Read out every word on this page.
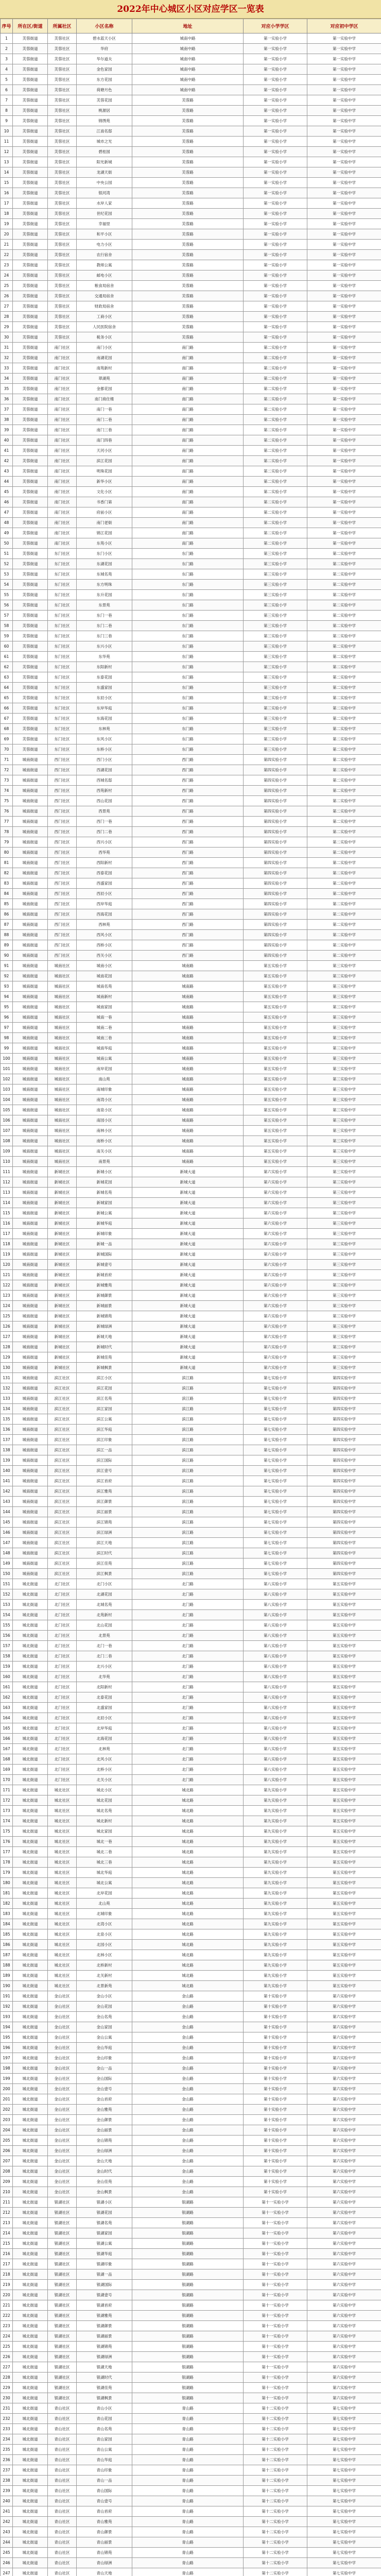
2022年中心城区小区对应学区一览表
序号	所在区/街道	所属社区	小区名称	地址	对应小学学区	对应初中学区
1	芙蓉街道	芙蓉社区	碧水蓝天小区	城南中路	第一实验小学	第一实验中学
2	芙蓉街道	芙蓉社区	华府	城南中路	第一实验小学	第一实验中学
3	芙蓉街道	芙蓉社区	华尔道夫	城南中路	第一实验小学	第一实验中学
4	芙蓉街道	芙蓉社区	金色家园	城南中路	第一实验小学	第一实验中学
5	芙蓉街道	芙蓉社区	东方花园	城南中路	第一实验小学	第一实验中学
6	芙蓉街道	芙蓉社区	荷塘月色	城南中路	第一实验小学	第一实验中学
7	芙蓉街道	芙蓉社区	芙蓉花园	芙蓉路	第一实验小学	第一实验中学
8	芙蓉街道	芙蓉社区	桃源居	芙蓉路	第一实验小学	第一实验中学
9	芙蓉街道	芙蓉社区	锦绣苑	芙蓉路	第一实验小学	第一实验中学
10	芙蓉街道	芙蓉社区	江南名邸	芙蓉路	第一实验小学	第一实验中学
11	芙蓉街道	芙蓉社区	城市之光	芙蓉路	第一实验小学	第一实验中学
12	芙蓉街道	芙蓉社区	碧桂园	芙蓉路	第一实验小学	第一实验中学
13	芙蓉街道	芙蓉社区	阳光新城	芙蓉路	第一实验小学	第一实验中学
14	芙蓉街道	芙蓉社区	龙湖天街	芙蓉路	第一实验小学	第一实验中学
15	芙蓉街道	芙蓉社区	中央公园	芙蓉路	第一实验小学	第一实验中学
16	芙蓉街道	芙蓉社区	银河湾	芙蓉路	第一实验小学	第一实验中学
17	芙蓉街道	芙蓉社区	水岸人家	芙蓉路	第一实验小学	第一实验中学
18	芙蓉街道	芙蓉社区	世纪花园	芙蓉路	第一实验小学	第一实验中学
19	芙蓉街道	芙蓉社区	幸福里	芙蓉路	第一实验小学	第一实验中学
20	芙蓉街道	芙蓉社区	和平小区	芙蓉路	第一实验小学	第一实验中学
21	芙蓉街道	芙蓉社区	电力小区	芙蓉路	第一实验小学	第一实验中学
22	芙蓉街道	芙蓉社区	农行宿舍	芙蓉路	第一实验小学	第一实验中学
23	芙蓉街道	芙蓉社区	教师公寓	芙蓉路	第一实验小学	第一实验中学
24	芙蓉街道	芙蓉社区	邮电小区	芙蓉路	第一实验小学	第一实验中学
25	芙蓉街道	芙蓉社区	粮食局宿舍	芙蓉路	第一实验小学	第一实验中学
26	芙蓉街道	芙蓉社区	交通局宿舍	芙蓉路	第一实验小学	第一实验中学
27	芙蓉街道	芙蓉社区	财政局宿舍	芙蓉路	第一实验小学	第一实验中学
28	芙蓉街道	芙蓉社区	工商小区	芙蓉路	第一实验小学	第一实验中学
29	芙蓉街道	芙蓉社区	人民医院宿舍	芙蓉路	第一实验小学	第一实验中学
30	芙蓉街道	芙蓉社区	税务小区	芙蓉路	第一实验小学	第一实验中学
31	芙蓉街道	南门社区	南门小区	南门路	第二实验小学	第一实验中学
32	芙蓉街道	南门社区	南湖花园	南门路	第二实验小学	第一实验中学
33	芙蓉街道	南门社区	南苑新村	南门路	第二实验小学	第一实验中学
34	芙蓉街道	南门社区	翠湖苑	南门路	第二实验小学	第一实验中学
35	芙蓉街道	南门社区	金都花园	南门路	第二实验小学	第一实验中学
36	芙蓉街道	南门社区	南门商住楼	南门路	第二实验小学	第一实验中学
37	芙蓉街道	南门社区	南门一巷	南门路	第二实验小学	第一实验中学
38	芙蓉街道	南门社区	南门二巷	南门路	第二实验小学	第一实验中学
39	芙蓉街道	南门社区	南门三巷	南门路	第二实验小学	第一实验中学
40	芙蓉街道	南门社区	南门四巷	南门路	第二实验小学	第一实验中学
41	芙蓉街道	南门社区	天河小区	南门路	第二实验小学	第一实验中学
42	芙蓉街道	南门社区	滨江花园	南门路	第二实验小学	第一实验中学
43	芙蓉街道	南门社区	明珠花园	南门路	第二实验小学	第一实验中学
44	芙蓉街道	南门社区	新华小区	南门路	第二实验小学	第一实验中学
45	芙蓉街道	南门社区	文化小区	南门路	第二实验小学	第一实验中学
46	芙蓉街道	南门社区	书香门第	南门路	第二实验小学	第一实验中学
47	芙蓉街道	南门社区	府前小区	南门路	第二实验小学	第一实验中学
48	芙蓉街道	南门社区	南门老街	南门路	第二实验小学	第一实验中学
49	芙蓉街道	南门社区	锦江花园	南门路	第二实验小学	第一实验中学
50	芙蓉街道	南门社区	东苑小区	南门路	第二实验小学	第一实验中学
51	芙蓉街道	东门社区	东门小区	东门路	第三实验小学	第二实验中学
52	芙蓉街道	东门社区	东湖花园	东门路	第三实验小学	第二实验中学
53	芙蓉街道	东门社区	东城名苑	东门路	第三实验小学	第二实验中学
54	芙蓉街道	东门社区	东方明珠	东门路	第三实验小学	第二实验中学
55	芙蓉街道	东门社区	东升花园	东门路	第三实验小学	第二实验中学
56	芙蓉街道	东门社区	东景苑	东门路	第三实验小学	第二实验中学
57	芙蓉街道	东门社区	东门一巷	东门路	第三实验小学	第二实验中学
58	芙蓉街道	东门社区	东门二巷	东门路	第三实验小学	第二实验中学
59	芙蓉街道	东门社区	东门三巷	东门路	第三实验小学	第二实验中学
60	芙蓉街道	东门社区	东兴小区	东门路	第三实验小学	第二实验中学
61	芙蓉街道	东门社区	东华苑	东门路	第三实验小学	第二实验中学
62	芙蓉街道	东门社区	东阳新村	东门路	第三实验小学	第二实验中学
63	芙蓉街道	东门社区	东泰花园	东门路	第三实验小学	第二实验中学
64	芙蓉街道	东门社区	东盛家园	东门路	第三实验小学	第二实验中学
65	芙蓉街道	东门社区	东辰小区	东门路	第三实验小学	第二实验中学
66	芙蓉街道	东门社区	东岸华庭	东门路	第三实验小学	第二实验中学
67	芙蓉街道	东门社区	东海花园	东门路	第三实验小学	第二实验中学
68	芙蓉街道	东门社区	东林苑	东门路	第三实验小学	第二实验中学
69	芙蓉街道	东门社区	东风小区	东门路	第三实验小学	第二实验中学
70	芙蓉街道	东门社区	东桥小区	东门路	第三实验小学	第二实验中学
71	城南街道	西门社区	西门小区	西门路	第四实验小学	第二实验中学
72	城南街道	西门社区	西湖花园	西门路	第四实验小学	第二实验中学
73	城南街道	西门社区	西城名邸	西门路	第四实验小学	第二实验中学
74	城南街道	西门社区	西苑新村	西门路	第四实验小学	第二实验中学
75	城南街道	西门社区	西山花园	西门路	第四实验小学	第二实验中学
76	城南街道	西门社区	西景苑	西门路	第四实验小学	第二实验中学
77	城南街道	西门社区	西门一巷	西门路	第四实验小学	第二实验中学
78	城南街道	西门社区	西门二巷	西门路	第四实验小学	第二实验中学
79	城南街道	西门社区	西兴小区	西门路	第四实验小学	第二实验中学
80	城南街道	西门社区	西华苑	西门路	第四实验小学	第二实验中学
81	城南街道	西门社区	西阳新村	西门路	第四实验小学	第二实验中学
82	城南街道	西门社区	西泰花园	西门路	第四实验小学	第二实验中学
83	城南街道	西门社区	西盛家园	西门路	第四实验小学	第二实验中学
84	城南街道	西门社区	西辰小区	西门路	第四实验小学	第二实验中学
85	城南街道	西门社区	西岸华庭	西门路	第四实验小学	第二实验中学
86	城南街道	西门社区	西海花园	西门路	第四实验小学	第二实验中学
87	城南街道	西门社区	西林苑	西门路	第四实验小学	第二实验中学
88	城南街道	西门社区	西风小区	西门路	第四实验小学	第二实验中学
89	城南街道	西门社区	西桥小区	西门路	第四实验小学	第二实验中学
90	城南街道	西门社区	西关小区	西门路	第四实验小学	第二实验中学
91	城南街道	城南社区	城南小区	城南路	第五实验小学	第三实验中学
92	城南街道	城南社区	城南花园	城南路	第五实验小学	第三实验中学
93	城南街道	城南社区	城南名苑	城南路	第五实验小学	第三实验中学
94	城南街道	城南社区	城南新村	城南路	第五实验小学	第三实验中学
95	城南街道	城南社区	城南家园	城南路	第五实验小学	第三实验中学
96	城南街道	城南社区	城南一巷	城南路	第五实验小学	第三实验中学
97	城南街道	城南社区	城南二巷	城南路	第五实验小学	第三实验中学
98	城南街道	城南社区	城南三巷	城南路	第五实验小学	第三实验中学
99	城南街道	城南社区	城南华庭	城南路	第五实验小学	第三实验中学
100	城南街道	城南社区	城南公寓	城南路	第五实验小学	第三实验中学
101	城南街道	城南社区	南岸花园	城南路	第五实验小学	第三实验中学
102	城南街道	城南社区	南山苑	城南路	第五实验小学	第三实验中学
103	城南街道	城南社区	南城印象	城南路	第五实验小学	第三实验中学
104	城南街道	城南社区	南湾小区	城南路	第五实验小学	第三实验中学
105	城南街道	城南社区	南泉小区	城南路	第五实验小学	第三实验中学
106	城南街道	城南社区	南园小区	城南路	第五实验小学	第三实验中学
107	城南街道	城南社区	南林小区	城南路	第五实验小学	第三实验中学
108	城南街道	城南社区	南桥小区	城南路	第五实验小学	第三实验中学
109	城南街道	城南社区	南关小区	城南路	第五实验小学	第三实验中学
110	城南街道	城南社区	南景苑	城南路	第五实验小学	第三实验中学
111	城南街道	新城社区	新城小区	新城大道	第六实验小学	第三实验中学
112	城南街道	新城社区	新城花园	新城大道	第六实验小学	第三实验中学
113	城南街道	新城社区	新城名苑	新城大道	第六实验小学	第三实验中学
114	城南街道	新城社区	新城家园	新城大道	第六实验小学	第三实验中学
115	城南街道	新城社区	新城公寓	新城大道	第六实验小学	第三实验中学
116	城南街道	新城社区	新城华庭	新城大道	第六实验小学	第三实验中学
117	城南街道	新城社区	新城印象	新城大道	第六实验小学	第三实验中学
118	城南街道	新城社区	新城一品	新城大道	第六实验小学	第三实验中学
119	城南街道	新城社区	新城国际	新城大道	第六实验小学	第三实验中学
120	城南街道	新城社区	新城壹号	新城大道	第六实验小学	第三实验中学
121	城南街道	新城社区	新城首府	新城大道	第六实验小学	第三实验中学
122	城南街道	新城社区	新城雅苑	新城大道	第六实验小学	第三实验中学
123	城南街道	新城社区	新城御景	新城大道	第六实验小学	第三实验中学
124	城南街道	新城社区	新城丽景	新城大道	第六实验小学	第三实验中学
125	城南街道	新城社区	新城锦苑	新城大道	第六实验小学	第三实验中学
126	城南街道	新城社区	新城绿洲	新城大道	第六实验小学	第三实验中学
127	城南街道	新城社区	新城天地	新城大道	第六实验小学	第三实验中学
128	城南街道	新城社区	新城时代	新城大道	第六实验小学	第三实验中学
129	城南街道	新城社区	新城佳苑	新城大道	第六实验小学	第三实验中学
130	城南街道	新城社区	新城枫景	新城大道	第六实验小学	第三实验中学
131	城南街道	滨江社区	滨江小区	滨江路	第七实验小学	第四实验中学
132	城南街道	滨江社区	滨江花园	滨江路	第七实验小学	第四实验中学
133	城南街道	滨江社区	滨江名苑	滨江路	第七实验小学	第四实验中学
134	城南街道	滨江社区	滨江家园	滨江路	第七实验小学	第四实验中学
135	城南街道	滨江社区	滨江公寓	滨江路	第七实验小学	第四实验中学
136	城南街道	滨江社区	滨江华庭	滨江路	第七实验小学	第四实验中学
137	城南街道	滨江社区	滨江印象	滨江路	第七实验小学	第四实验中学
138	城南街道	滨江社区	滨江一品	滨江路	第七实验小学	第四实验中学
139	城南街道	滨江社区	滨江国际	滨江路	第七实验小学	第四实验中学
140	城南街道	滨江社区	滨江壹号	滨江路	第七实验小学	第四实验中学
141	城南街道	滨江社区	滨江首府	滨江路	第七实验小学	第四实验中学
142	城南街道	滨江社区	滨江雅苑	滨江路	第七实验小学	第四实验中学
143	城南街道	滨江社区	滨江御景	滨江路	第七实验小学	第四实验中学
144	城南街道	滨江社区	滨江丽景	滨江路	第七实验小学	第四实验中学
145	城南街道	滨江社区	滨江锦苑	滨江路	第七实验小学	第四实验中学
146	城南街道	滨江社区	滨江绿洲	滨江路	第七实验小学	第四实验中学
147	城南街道	滨江社区	滨江天地	滨江路	第七实验小学	第四实验中学
148	城南街道	滨江社区	滨江时代	滨江路	第七实验小学	第四实验中学
149	城南街道	滨江社区	滨江佳苑	滨江路	第七实验小学	第四实验中学
150	城南街道	滨江社区	滨江枫景	滨江路	第七实验小学	第四实验中学
151	城北街道	北门社区	北门小区	北门路	第八实验小学	第五实验中学
152	城北街道	北门社区	北湖花园	北门路	第八实验小学	第五实验中学
153	城北街道	北门社区	北城名苑	北门路	第八实验小学	第五实验中学
154	城北街道	北门社区	北苑新村	北门路	第八实验小学	第五实验中学
155	城北街道	北门社区	北山花园	北门路	第八实验小学	第五实验中学
156	城北街道	北门社区	北景苑	北门路	第八实验小学	第五实验中学
157	城北街道	北门社区	北门一巷	北门路	第八实验小学	第五实验中学
158	城北街道	北门社区	北门二巷	北门路	第八实验小学	第五实验中学
159	城北街道	北门社区	北兴小区	北门路	第八实验小学	第五实验中学
160	城北街道	北门社区	北华苑	北门路	第八实验小学	第五实验中学
161	城北街道	北门社区	北阳新村	北门路	第八实验小学	第五实验中学
162	城北街道	北门社区	北泰花园	北门路	第八实验小学	第五实验中学
163	城北街道	北门社区	北盛家园	北门路	第八实验小学	第五实验中学
164	城北街道	北门社区	北辰小区	北门路	第八实验小学	第五实验中学
165	城北街道	北门社区	北岸华庭	北门路	第八实验小学	第五实验中学
166	城北街道	北门社区	北海花园	北门路	第八实验小学	第五实验中学
167	城北街道	北门社区	北林苑	北门路	第八实验小学	第五实验中学
168	城北街道	北门社区	北风小区	北门路	第八实验小学	第五实验中学
169	城北街道	北门社区	北桥小区	北门路	第八实验小学	第五实验中学
170	城北街道	北门社区	北关小区	北门路	第八实验小学	第五实验中学
171	城北街道	城北社区	城北小区	城北路	第九实验小学	第五实验中学
172	城北街道	城北社区	城北花园	城北路	第九实验小学	第五实验中学
173	城北街道	城北社区	城北名苑	城北路	第九实验小学	第五实验中学
174	城北街道	城北社区	城北新村	城北路	第九实验小学	第五实验中学
175	城北街道	城北社区	城北家园	城北路	第九实验小学	第五实验中学
176	城北街道	城北社区	城北一巷	城北路	第九实验小学	第五实验中学
177	城北街道	城北社区	城北二巷	城北路	第九实验小学	第五实验中学
178	城北街道	城北社区	城北三巷	城北路	第九实验小学	第五实验中学
179	城北街道	城北社区	城北华庭	城北路	第九实验小学	第五实验中学
180	城北街道	城北社区	城北公寓	城北路	第九实验小学	第五实验中学
181	城北街道	城北社区	北岸花园	城北路	第九实验小学	第五实验中学
182	城北街道	城北社区	北山苑	城北路	第九实验小学	第五实验中学
183	城北街道	城北社区	北城印象	城北路	第九实验小学	第五实验中学
184	城北街道	城北社区	北湾小区	城北路	第九实验小学	第五实验中学
185	城北街道	城北社区	北泉小区	城北路	第九实验小学	第五实验中学
186	城北街道	城北社区	北园小区	城北路	第九实验小学	第五实验中学
187	城北街道	城北社区	北林小区	城北路	第九实验小学	第五实验中学
188	城北街道	城北社区	北桥新村	城北路	第九实验小学	第五实验中学
189	城北街道	城北社区	北关新村	城北路	第九实验小学	第五实验中学
190	城北街道	城北社区	北景新苑	城北路	第九实验小学	第五实验中学
191	城北街道	金山社区	金山小区	金山路	第十实验小学	第六实验中学
192	城北街道	金山社区	金山花园	金山路	第十实验小学	第六实验中学
193	城北街道	金山社区	金山名苑	金山路	第十实验小学	第六实验中学
194	城北街道	金山社区	金山家园	金山路	第十实验小学	第六实验中学
195	城北街道	金山社区	金山公寓	金山路	第十实验小学	第六实验中学
196	城北街道	金山社区	金山华庭	金山路	第十实验小学	第六实验中学
197	城北街道	金山社区	金山印象	金山路	第十实验小学	第六实验中学
198	城北街道	金山社区	金山一品	金山路	第十实验小学	第六实验中学
199	城北街道	金山社区	金山国际	金山路	第十实验小学	第六实验中学
200	城北街道	金山社区	金山壹号	金山路	第十实验小学	第六实验中学
201	城北街道	金山社区	金山首府	金山路	第十实验小学	第六实验中学
202	城北街道	金山社区	金山雅苑	金山路	第十实验小学	第六实验中学
203	城北街道	金山社区	金山御景	金山路	第十实验小学	第六实验中学
204	城北街道	金山社区	金山丽景	金山路	第十实验小学	第六实验中学
205	城北街道	金山社区	金山锦苑	金山路	第十实验小学	第六实验中学
206	城北街道	金山社区	金山绿洲	金山路	第十实验小学	第六实验中学
207	城北街道	金山社区	金山天地	金山路	第十实验小学	第六实验中学
208	城北街道	金山社区	金山时代	金山路	第十实验小学	第六实验中学
209	城北街道	金山社区	金山佳苑	金山路	第十实验小学	第六实验中学
210	城北街道	金山社区	金山枫景	金山路	第十实验小学	第六实验中学
211	城北街道	银湖社区	银湖小区	银湖路	第十一实验小学	第六实验中学
212	城北街道	银湖社区	银湖花园	银湖路	第十一实验小学	第六实验中学
213	城北街道	银湖社区	银湖名苑	银湖路	第十一实验小学	第六实验中学
214	城北街道	银湖社区	银湖家园	银湖路	第十一实验小学	第六实验中学
215	城北街道	银湖社区	银湖公寓	银湖路	第十一实验小学	第六实验中学
216	城北街道	银湖社区	银湖华庭	银湖路	第十一实验小学	第六实验中学
217	城北街道	银湖社区	银湖印象	银湖路	第十一实验小学	第六实验中学
218	城北街道	银湖社区	银湖一品	银湖路	第十一实验小学	第六实验中学
219	城北街道	银湖社区	银湖国际	银湖路	第十一实验小学	第六实验中学
220	城北街道	银湖社区	银湖壹号	银湖路	第十一实验小学	第六实验中学
221	城北街道	银湖社区	银湖首府	银湖路	第十一实验小学	第六实验中学
222	城北街道	银湖社区	银湖雅苑	银湖路	第十一实验小学	第六实验中学
223	城北街道	银湖社区	银湖御景	银湖路	第十一实验小学	第六实验中学
224	城北街道	银湖社区	银湖丽景	银湖路	第十一实验小学	第六实验中学
225	城北街道	银湖社区	银湖锦苑	银湖路	第十一实验小学	第六实验中学
226	城北街道	银湖社区	银湖绿洲	银湖路	第十一实验小学	第六实验中学
227	城北街道	银湖社区	银湖天地	银湖路	第十一实验小学	第六实验中学
228	城北街道	银湖社区	银湖时代	银湖路	第十一实验小学	第六实验中学
229	城北街道	银湖社区	银湖佳苑	银湖路	第十一实验小学	第六实验中学
230	城北街道	银湖社区	银湖枫景	银湖路	第十一实验小学	第六实验中学
231	城北街道	青山社区	青山小区	青山路	第十二实验小学	第七实验中学
232	城北街道	青山社区	青山花园	青山路	第十二实验小学	第七实验中学
233	城北街道	青山社区	青山名苑	青山路	第十二实验小学	第七实验中学
234	城北街道	青山社区	青山家园	青山路	第十二实验小学	第七实验中学
235	城北街道	青山社区	青山公寓	青山路	第十二实验小学	第七实验中学
236	城北街道	青山社区	青山华庭	青山路	第十二实验小学	第七实验中学
237	城北街道	青山社区	青山印象	青山路	第十二实验小学	第七实验中学
238	城北街道	青山社区	青山一品	青山路	第十二实验小学	第七实验中学
239	城北街道	青山社区	青山国际	青山路	第十二实验小学	第七实验中学
240	城北街道	青山社区	青山壹号	青山路	第十二实验小学	第七实验中学
241	城北街道	青山社区	青山首府	青山路	第十二实验小学	第七实验中学
242	城北街道	青山社区	青山雅苑	青山路	第十二实验小学	第七实验中学
243	城北街道	青山社区	青山御景	青山路	第十二实验小学	第七实验中学
244	城北街道	青山社区	青山丽景	青山路	第十二实验小学	第七实验中学
245	城北街道	青山社区	青山锦苑	青山路	第十二实验小学	第七实验中学
246	城北街道	青山社区	青山绿洲	青山路	第十二实验小学	第七实验中学
247	城北街道	青山社区	青山天地	青山路	第十二实验小学	第七实验中学
